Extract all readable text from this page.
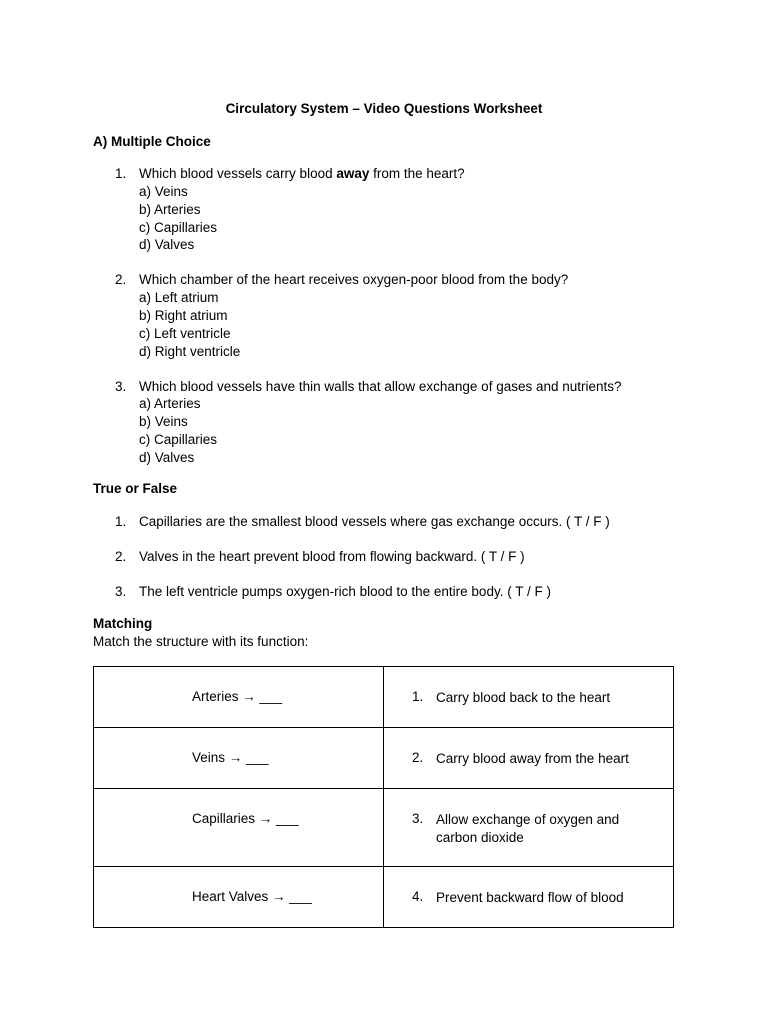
Circulatory System – Video Questions Worksheet
A) Multiple Choice
1. Which blood vessels carry blood away from the heart?
a) Veins
b) Arteries
c) Capillaries
d) Valves
2. Which chamber of the heart receives oxygen-poor blood from the body?
a) Left atrium
b) Right atrium
c) Left ventricle
d) Right ventricle
3. Which blood vessels have thin walls that allow exchange of gases and nutrients?
a) Arteries
b) Veins
c) Capillaries
d) Valves
True or False
1. Capillaries are the smallest blood vessels where gas exchange occurs. ( T / F )
2. Valves in the heart prevent blood from flowing backward. ( T / F )
3. The left ventricle pumps oxygen-rich blood to the entire body. ( T / F )
Matching
Match the structure with its function:
Arteries → ___	1. Carry blood back to the heart

Veins → ___	2. Carry blood away from the heart

Capillaries → ___	3. Allow exchange of oxygen and carbon dioxide

Heart Valves → ___	4. Prevent backward flow of blood
